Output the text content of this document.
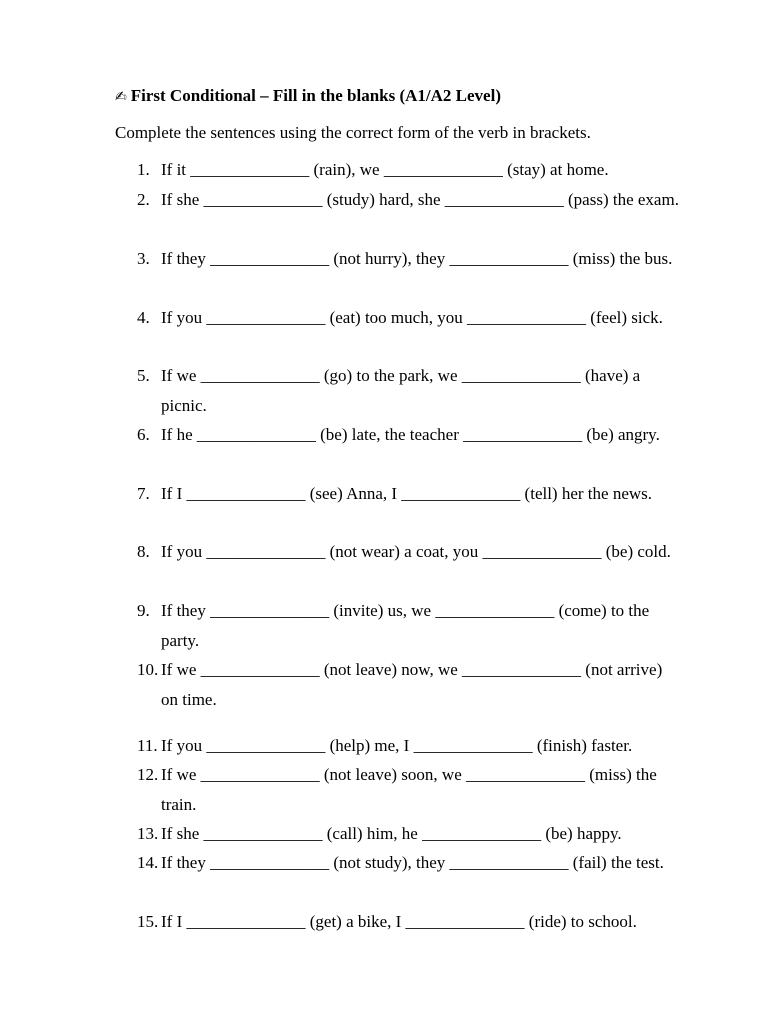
✍ First Conditional – Fill in the blanks (A1/A2 Level)
Complete the sentences using the correct form of the verb in brackets.
1. If it ______________ (rain), we ______________ (stay) at home.
2. If she ______________ (study) hard, she ______________ (pass) the exam.
3. If they ______________ (not hurry), they ______________ (miss) the bus.
4. If you ______________ (eat) too much, you ______________ (feel) sick.
5. If we ______________ (go) to the park, we ______________ (have) a picnic.
6. If he ______________ (be) late, the teacher ______________ (be) angry.
7. If I ______________ (see) Anna, I ______________ (tell) her the news.
8. If you ______________ (not wear) a coat, you ______________ (be) cold.
9. If they ______________ (invite) us, we ______________ (come) to the party.
10. If we ______________ (not leave) now, we ______________ (not arrive) on time.
11. If you ______________ (help) me, I ______________ (finish) faster.
12. If we ______________ (not leave) soon, we ______________ (miss) the train.
13. If she ______________ (call) him, he ______________ (be) happy.
14. If they ______________ (not study), they ______________ (fail) the test.
15. If I ______________ (get) a bike, I ______________ (ride) to school.
